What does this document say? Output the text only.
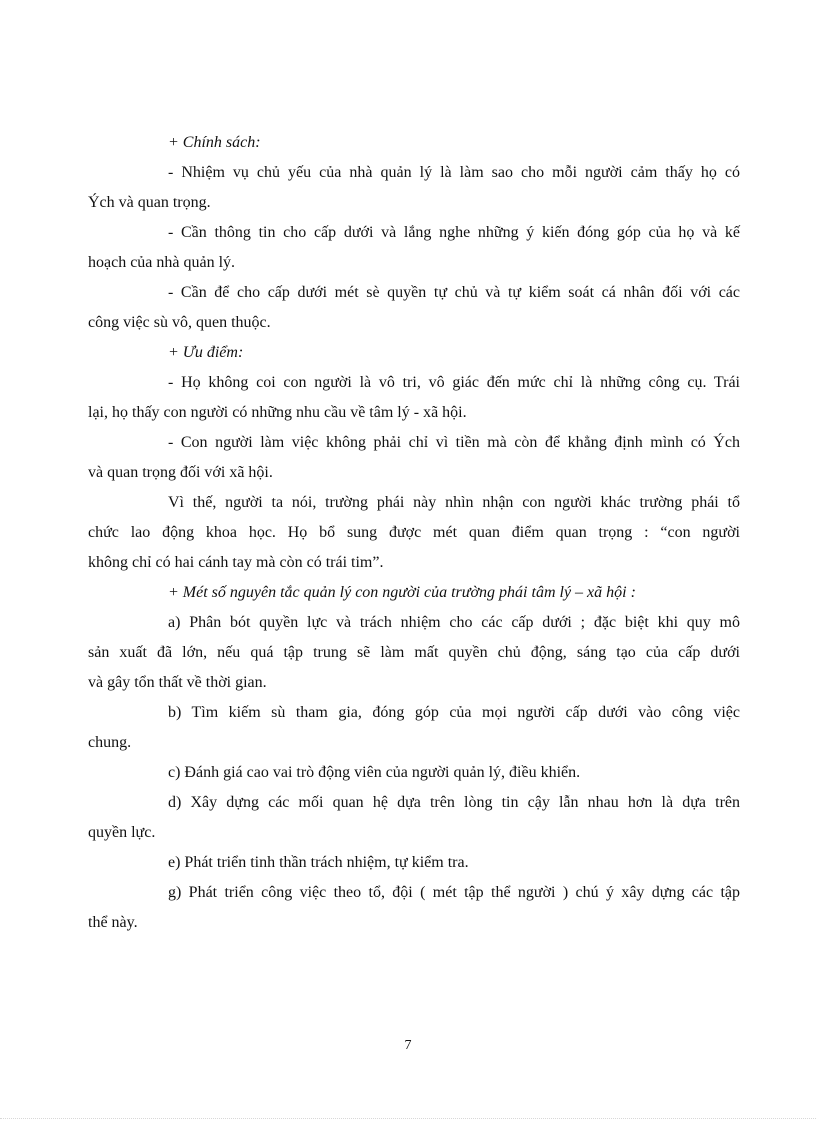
+ Chính sách:
- Nhiệm vụ chủ yếu của nhà quản lý là làm sao cho mỗi người cảm thấy họ có
Ých và quan trọng.
- Cần thông tin cho cấp dưới và lắng nghe những ý kiến đóng góp của họ và kế
hoạch của nhà quản lý.
- Cần để cho cấp dưới mét sè quyền tự chủ và tự kiểm soát cá nhân đối với các
công việc sù vô, quen thuộc.
+ Ưu điểm:
- Họ không coi con người là vô tri, vô giác đến mức chỉ là những công cụ. Trái
lại, họ thấy con người có những nhu cầu về tâm lý - xã hội.
- Con người làm việc không phải chỉ vì tiền mà còn để khẳng định mình có Ých
và quan trọng đối với xã hội.
Vì thế, người ta nói, trường phái này nhìn nhận con người khác trường phái tổ
chức lao động khoa học. Họ bổ sung được mét quan điểm quan trọng : “con người
không chỉ có hai cánh tay mà còn có trái tim”.
+ Mét số nguyên tắc quản lý con người của trường phái tâm lý – xã hội :
a) Phân bót quyền lực và trách nhiệm cho các cấp dưới ; đặc biệt khi quy mô
sản xuất đã lớn, nếu quá tập trung sẽ làm mất quyền chủ động, sáng tạo của cấp dưới
và gây tổn thất về thời gian.
b) Tìm kiếm sù tham gia, đóng góp của mọi người cấp dưới vào công việc
chung.
c) Đánh giá cao vai trò động viên của người quản lý, điều khiển.
d) Xây dựng các mối quan hệ dựa trên lòng tin cậy lẫn nhau hơn là dựa trên
quyền lực.
e) Phát triển tinh thần trách nhiệm, tự kiểm tra.
g) Phát triển công việc theo tổ, đội ( mét tập thể người ) chú ý xây dựng các tập
thể này.
7
